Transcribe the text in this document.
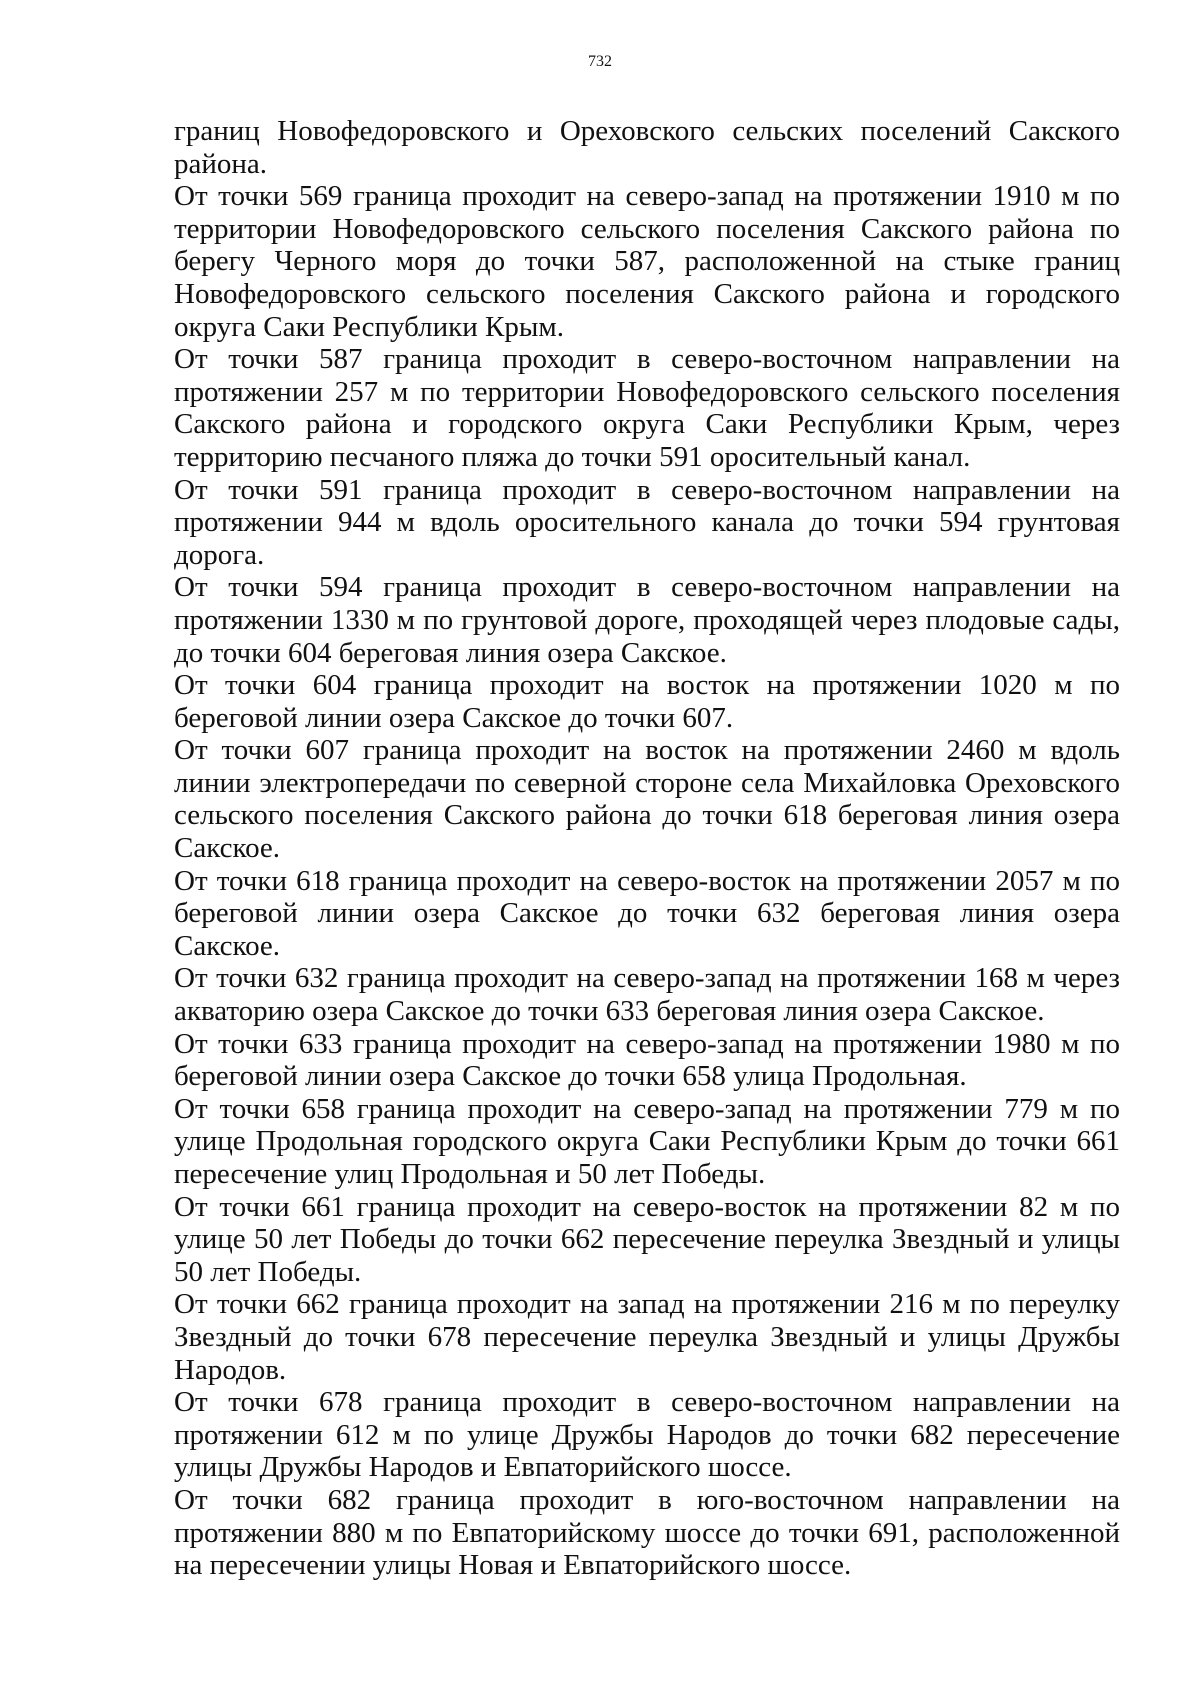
732

границ Новофедоровского и Ореховского сельских поселений Сакского района.

От точки 569 граница проходит на северо-запад на протяжении 1910 м по территории Новофедоровского сельского поселения Сакского района по берегу Черного моря до точки 587, расположенной на стыке границ Новофедоровского сельского поселения Сакского района и городского округа Саки Республики Крым.

От точки 587 граница проходит в северо-восточном направлении на протяжении 257 м по территории Новофедоровского сельского поселения Сакского района и городского округа Саки Республики Крым, через территорию песчаного пляжа до точки 591 оросительный канал.

От точки 591 граница проходит в северо-восточном направлении на протяжении 944 м вдоль оросительного канала до точки 594 грунтовая дорога.

От точки 594 граница проходит в северо-восточном направлении на протяжении 1330 м по грунтовой дороге, проходящей через плодовые сады, до точки 604 береговая линия озера Сакское.

От точки 604 граница проходит на восток на протяжении 1020 м по береговой линии озера Сакское до точки 607.

От точки 607 граница проходит на восток на протяжении 2460 м вдоль линии электропередачи по северной стороне села Михайловка Ореховского сельского поселения Сакского района до точки 618 береговая линия озера Сакское.

От точки 618 граница проходит на северо-восток на протяжении 2057 м по береговой линии озера Сакское до точки 632 береговая линия озера Сакское.

От точки 632 граница проходит на северо-запад на протяжении 168 м через акваторию озера Сакское до точки 633 береговая линия озера Сакское.

От точки 633 граница проходит на северо-запад на протяжении 1980 м по береговой линии озера Сакское до точки 658 улица Продольная.

От точки 658 граница проходит на северо-запад на протяжении 779 м по улице Продольная городского округа Саки Республики Крым до точки 661 пересечение улиц Продольная и 50 лет Победы.

От точки 661 граница проходит на северо-восток на протяжении 82 м по улице 50 лет Победы до точки 662 пересечение переулка Звездный и улицы 50 лет Победы.

От точки 662 граница проходит на запад на протяжении 216 м по переулку Звездный до точки 678 пересечение переулка Звездный и улицы Дружбы Народов.

От точки 678 граница проходит в северо-восточном направлении на протяжении 612 м по улице Дружбы Народов до точки 682 пересечение улицы Дружбы Народов и Евпаторийского шоссе.

От точки 682 граница проходит в юго-восточном направлении на протяжении 880 м по Евпаторийскому шоссе до точки 691, расположенной на пересечении улицы Новая и Евпаторийского шоссе.
